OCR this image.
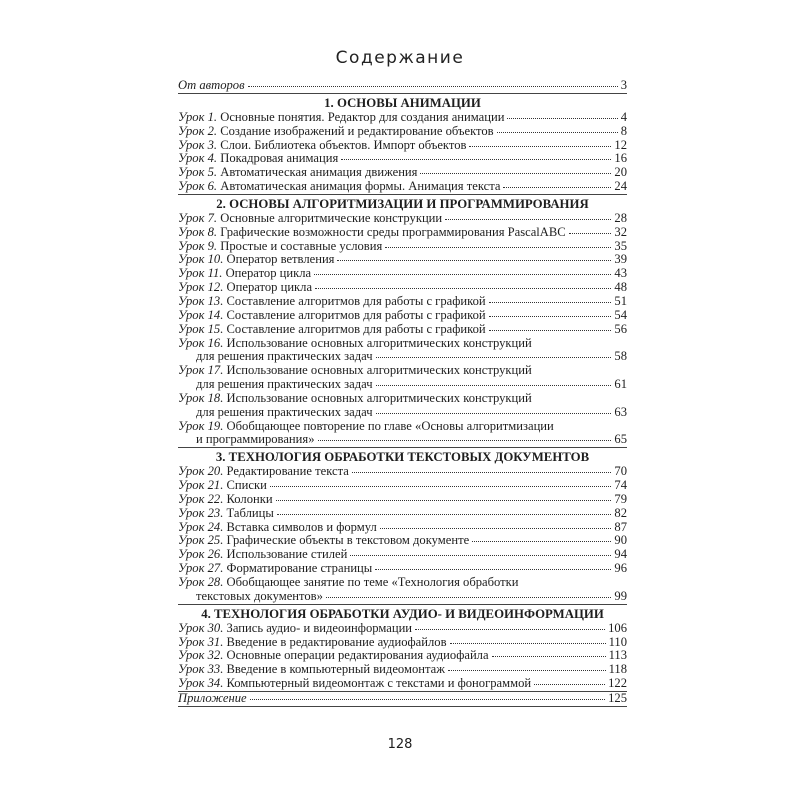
Содержание
От авторов	3
1. ОСНОВЫ АНИМАЦИИ
Урок 1. Основные понятия. Редактор для создания анимации	4
Урок 2. Создание изображений и редактирование объектов	8
Урок 3. Слои. Библиотека объектов. Импорт объектов	12
Урок 4. Покадровая анимация	16
Урок 5. Автоматическая анимация движения	20
Урок 6. Автоматическая анимация формы. Анимация текста	24
2. ОСНОВЫ АЛГОРИТМИЗАЦИИ И ПРОГРАММИРОВАНИЯ
Урок 7. Основные алгоритмические конструкции	28
Урок 8. Графические возможности среды программирования PascalABC	32
Урок 9. Простые и составные условия	35
Урок 10. Оператор ветвления	39
Урок 11. Оператор цикла	43
Урок 12. Оператор цикла	48
Урок 13. Составление алгоритмов для работы с графикой	51
Урок 14. Составление алгоритмов для работы с графикой	54
Урок 15. Составление алгоритмов для работы с графикой	56
Урок 16. Использование основных алгоритмических конструкций
для решения практических задач	58
Урок 17. Использование основных алгоритмических конструкций
для решения практических задач	61
Урок 18. Использование основных алгоритмических конструкций
для решения практических задач	63
Урок 19. Обобщающее повторение по главе «Основы алгоритмизации
и программирования»	65
3. ТЕХНОЛОГИЯ ОБРАБОТКИ ТЕКСТОВЫХ ДОКУМЕНТОВ
Урок 20. Редактирование текста	70
Урок 21. Списки	74
Урок 22. Колонки	79
Урок 23. Таблицы	82
Урок 24. Вставка символов и формул	87
Урок 25. Графические объекты в текстовом документе	90
Урок 26. Использование стилей	94
Урок 27. Форматирование страницы	96
Урок 28. Обобщающее занятие по теме «Технология обработки
текстовых документов»	99
4. ТЕХНОЛОГИЯ ОБРАБОТКИ АУДИО- И ВИДЕОИНФОРМАЦИИ
Урок 30. Запись аудио- и видеоинформации	106
Урок 31. Введение в редактирование аудиофайлов	110
Урок 32. Основные операции редактирования аудиофайла	113
Урок 33. Введение в компьютерный видеомонтаж	118
Урок 34. Компьютерный видеомонтаж с текстами и фонограммой	122
Приложение	125
128
